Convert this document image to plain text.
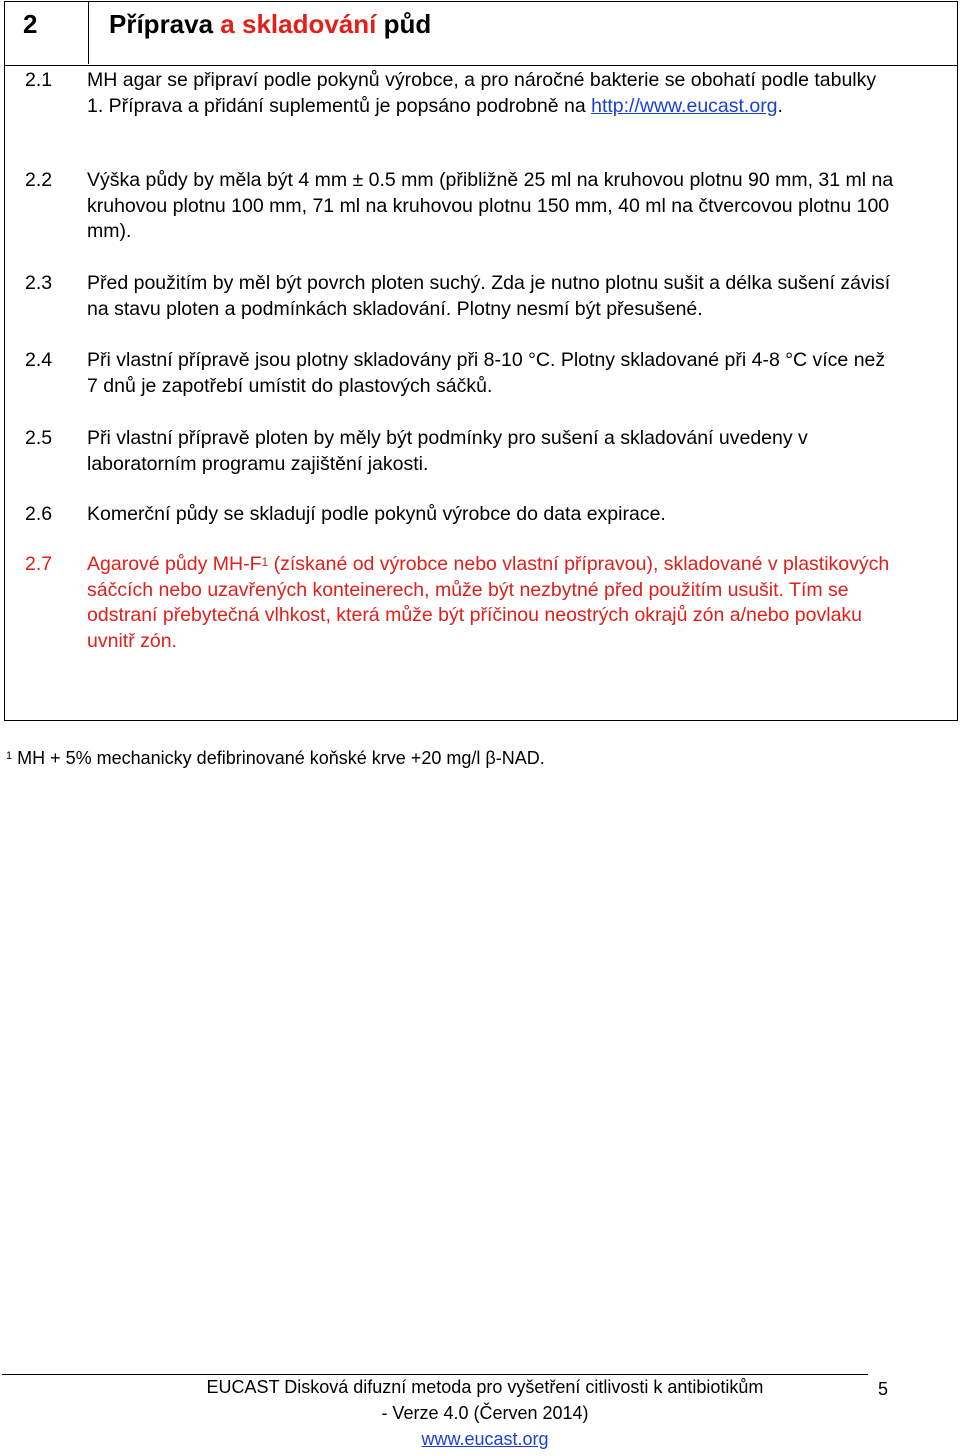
2	Příprava a skladování půd
2.1 MH agar se připraví podle pokynů výrobce, a pro náročné bakterie se obohatí podle tabulky 1. Příprava a přidání suplementů je popsáno podrobně na http://www.eucast.org.
2.2 Výška půdy by měla být 4 mm ± 0.5 mm (přibližně 25 ml na kruhovou plotnu 90 mm, 31 ml na kruhovou plotnu 100 mm, 71 ml na kruhovou plotnu 150 mm, 40 ml na čtvercovou plotnu 100 mm).
2.3 Před použitím by měl být povrch ploten suchý. Zda je nutno plotnu sušit a délka sušení závisí na stavu ploten a podmínkách skladování. Plotny nesmí být přesušené.
2.4 Při vlastní přípravě jsou plotny skladovány při 8-10 °C. Plotny skladované při 4-8 °C více než 7 dnů je zapotřebí umístit do plastových sáčků.
2.5 Při vlastní přípravě ploten by měly být podmínky pro sušení a skladování uvedeny v laboratorním programu zajištění jakosti.
2.6 Komerční půdy se skladují podle pokynů výrobce do data expirace.
2.7 Agarové půdy $MH-F^1$ (získané od výrobce nebo vlastní přípravou), skladované v plastikových sáčcích nebo uzavřených konteinerech, může být nezbytné před použitím usušit. Tím se odstraní přebytečná vlhkost, která může být příčinou neostrých okrajů zón a/nebo povlaku uvnitř zón.
$^1$ MH + 5% mechanicky defibrinované koňské krve +20 mg/l β-NAD.
EUCAST Disková difuzní metoda pro vyšetření citlivosti k antibiotikům
- Verze 4.0 (Červen 2014)
www.eucast.org
5
